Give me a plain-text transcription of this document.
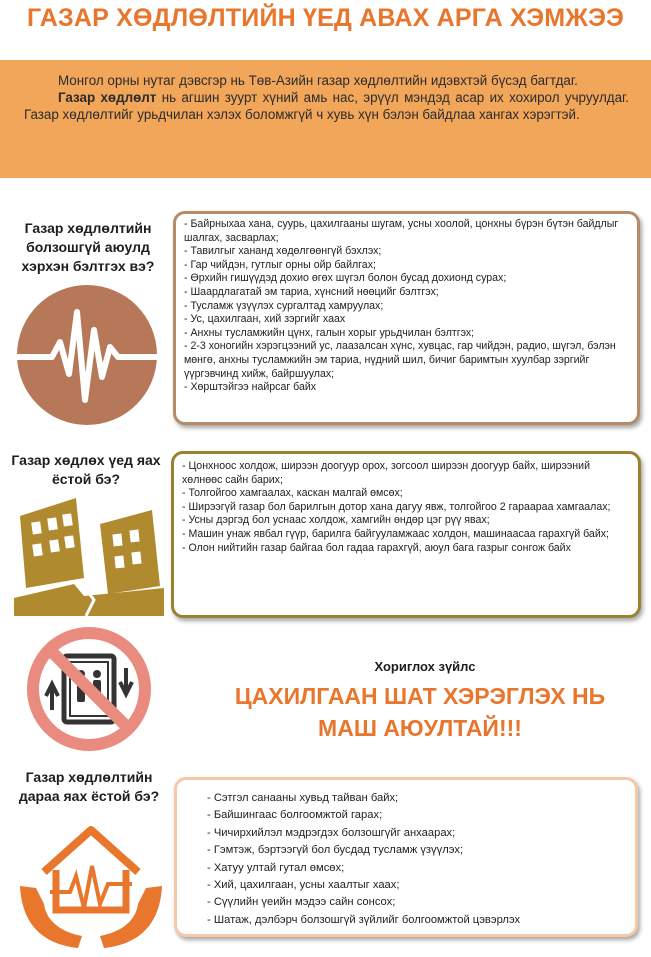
ГАЗАР ХӨДЛӨЛТИЙН ҮЕД АВАХ АРГА ХЭМЖЭЭ

Монгол орны нутаг дэвсгэр нь Төв-Азийн газар хөдлөлтийн идэвхтэй бүсэд багтдаг.

Газар хөдлөлт нь агшин зуурт хүний амь нас, эрүүл мэндэд асар их хохирол учруулдаг. Газар хөдлөлтийг урьдчилан хэлэх боломжгүй ч хувь хүн бэлэн байдлаа хангах хэрэгтэй.

Газар хөдлөлтийн болзошгүй аюулд хэрхэн бэлтгэх вэ?
- Байрныхаа хана, суурь, цахилгааны шугам, усны хоолой, цонхны бүрэн бүтэн байдлыг шалгах, засварлах;
- Тавилгыг хананд хөдөлгөөнгүй бэхлэх;
- Гар чийдэн, гутлыг орны ойр байлгах;
- Өрхийн гишүүдэд дохио өгөх шүгэл болон бусад дохионд сурах;
- Шаардлагатай эм тариа, хүнсний нөөцийг бэлтгэх;
- Тусламж үзүүлэх сургалтад хамруулах;
- Ус, цахилгаан, хий зэргийг хаах
- Анхны тусламжийн цүнх, галын хорыг урьдчилан бэлтгэх;
- 2-3 хоногийн хэрэгцээний ус, лаазалсан хүнс, хувцас, гар чийдэн, радио, шүгэл, бэлэн мөнгө, анхны тусламжийн эм тариа, нүдний шил, бичиг баримтын хуулбар зэргийг үүргэвчинд хийж, байршуулах;
- Хөрштэйгээ найрсаг байх
Газар хөдлөх үед яах ёстой бэ?
- Цонхноос холдож, ширээн доогуур орох, зогсоол ширээн доогуур байх, ширээний хөлнөөс сайн барих;
- Толгойгоо хамгаалах, каскан малгай өмсөх;
- Ширээгүй газар бол барилгын дотор хана дагуу явж, толгойгоо 2 гараараа хамгаалах;
- Усны дэргэд бол уснаас холдож, хамгийн өндөр цэг рүү явах;
- Машин унаж явбал гүүр, барилга байгууламжаас холдон, машинаасаа гарахгүй байх;
- Олон нийтийн газар байгаа бол гадаа гарахгүй, аюул бага газрыг сонгож байх
Хориглох зүйлс
ЦАХИЛГААН ШАТ ХЭРЭГЛЭХ НЬ
МАШ АЮУЛТАЙ!!!
Газар хөдлөлтийн дараа яах ёстой бэ?	- Сэтгэл санааны хувьд тайван байх;
- Байшингаас болгоомжтой гарах;
- Чичирхийлэл мэдрэгдэх болзошгүйг анхаарах;
- Гэмтэж, бэртээгүй бол бусдад тусламж үзүүлэх;
- Хатуу ултай гутал өмсөх;
- Хий, цахилгаан, усны хаалтыг хаах;
- Сүүлийн үеийн мэдээ сайн сонсох;
- Шатаж, дэлбэрч болзошгүй зүйлийг болгоомжтой цэвэрлэх
